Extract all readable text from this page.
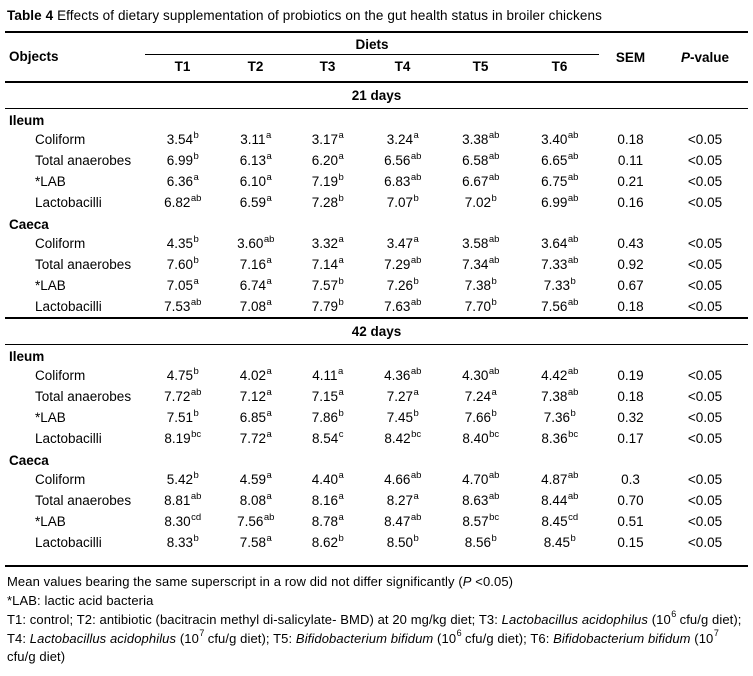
Table 4 Effects of dietary supplementation of probiotics on the gut health status in broiler chickens
Objects	Diets						SEM	P-value
	T1	T2	T3	T4	T5	T6		
21 days								
Ileum								
Coliform	3.54$^b$	3.11$^a$	3.17$^a$	3.24$^a$	3.38$^{ab}$	3.40$^{ab}$	0.18	<0.05
Total anaerobes	6.99$^b$	6.13$^a$	6.20$^a$	6.56$^{ab}$	6.58$^{ab}$	6.65$^{ab}$	0.11	<0.05
*LAB	6.36$^a$	6.10$^a$	7.19$^b$	6.83$^{ab}$	6.67$^{ab}$	6.75$^{ab}$	0.21	<0.05
Lactobacilli	6.82$^{ab}$	6.59$^a$	7.28$^b$	7.07$^b$	7.02$^b$	6.99$^{ab}$	0.16	<0.05
Caeca								
Coliform	4.35$^b$	3.60$^{ab}$	3.32$^a$	3.47$^a$	3.58$^{ab}$	3.64$^{ab}$	0.43	<0.05
Total anaerobes	7.60$^b$	7.16$^a$	7.14$^a$	7.29$^{ab}$	7.34$^{ab}$	7.33$^{ab}$	0.92	<0.05
*LAB	7.05$^a$	6.74$^a$	7.57$^b$	7.26$^b$	7.38$^b$	7.33$^b$	0.67	<0.05
Lactobacilli	7.53$^{ab}$	7.08$^a$	7.79$^b$	7.63$^{ab}$	7.70$^b$	7.56$^{ab}$	0.18	<0.05
42 days								
Ileum								
Coliform	4.75$^b$	4.02$^a$	4.11$^a$	4.36$^{ab}$	4.30$^{ab}$	4.42$^{ab}$	0.19	<0.05
Total anaerobes	7.72$^{ab}$	7.12$^a$	7.15$^a$	7.27$^a$	7.24$^a$	7.38$^{ab}$	0.18	<0.05
*LAB	7.51$^b$	6.85$^a$	7.86$^b$	7.45$^b$	7.66$^b$	7.36$^b$	0.32	<0.05
Lactobacilli	8.19$^{bc}$	7.72$^a$	8.54$^c$	8.42$^{bc}$	8.40$^{bc}$	8.36$^{bc}$	0.17	<0.05
Caeca								
Coliform	5.42$^b$	4.59$^a$	4.40$^a$	4.66$^{ab}$	4.70$^{ab}$	4.87$^{ab}$	0.3	<0.05
Total anaerobes	8.81$^{ab}$	8.08$^a$	8.16$^a$	8.27$^a$	8.63$^{ab}$	8.44$^{ab}$	0.70	<0.05
*LAB	8.30$^{cd}$	7.56$^{ab}$	8.78$^a$	8.47$^{ab}$	8.57$^{bc}$	8.45$^{cd}$	0.51	<0.05
Lactobacilli	8.33$^b$	7.58$^a$	8.62$^b$	8.50$^b$	8.56$^b$	8.45$^b$	0.15	<0.05

Mean values bearing the same superscript in a row did not differ significantly (P <0.05)
*LAB: lactic acid bacteria
T1: control; T2: antibiotic (bacitracin methyl di-salicylate- BMD) at 20 mg/kg diet; T3: Lactobacillus acidophilus ($10^6$ cfu/g diet); T4: Lactobacillus acidophilus ($10^7$ cfu/g diet); T5: Bifidobacterium bifidum ($10^6$ cfu/g diet); T6: Bifidobacterium bifidum ($10^7$ cfu/g diet)
